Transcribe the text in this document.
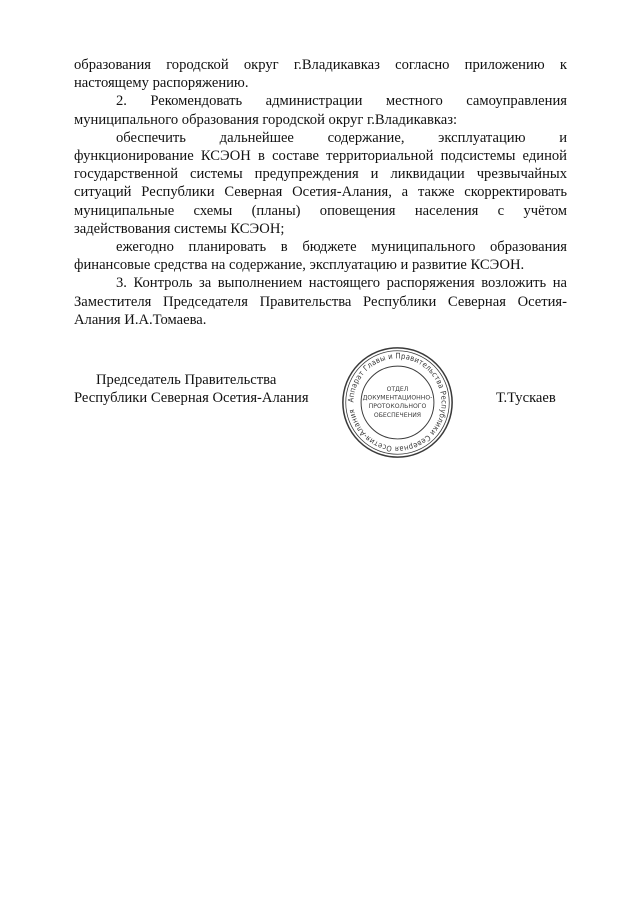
образования городской округ г.Владикавказ согласно приложению к настоящему распоряжению.

2. Рекомендовать администрации местного самоуправления муниципального образования городской округ г.Владикавказ:

обеспечить дальнейшее содержание, эксплуатацию и функционирование КСЭОН в составе территориальной подсистемы единой государственной системы предупреждения и ликвидации чрезвычайных ситуаций Республики Северная Осетия-Алания, а также скорректировать муниципальные схемы (планы) оповещения населения с учётом задействования системы КСЭОН;

ежегодно планировать в бюджете муниципального образования финансовые средства на содержание, эксплуатацию и развитие КСЭОН.

3. Контроль за выполнением настоящего распоряжения возложить на Заместителя Председателя Правительства Республики Северная Осетия-Алания И.А.Томаева.

Председатель Правительства
Республики Северная Осетия-Алания	Т.Тускаев
Аппарат Главы и Правительства Республики Северная Осетия-Алания
ОТДЕЛ
ДОКУМЕНТАЦИОННО-
ПРОТОКОЛЬНОГО
ОБЕСПЕЧЕНИЯ
